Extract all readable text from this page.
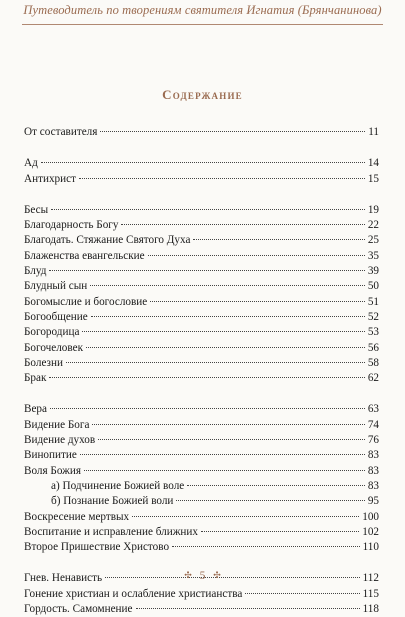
Путеводитель по творениям святителя Игнатия (Брянчанинова)
Содержание
От составителя	11
Ад	14
Антихрист	15
Бесы	19
Благодарность Богу	22
Благодать. Стяжание Святого Духа	25
Блаженства евангельские	35
Блуд	39
Блудный сын	50
Богомыслие и богословие	51
Богообщение	52
Богородица	53
Богочеловек	56
Болезни	58
Брак	62
Вера	63
Видение Бога	74
Видение духов	76
Винопитие	83
Воля Божия	83
а) Подчинение Божией воле	83
б) Познание Божией воли	95
Воскресение мертвых	100
Воспитание и исправление ближних	102
Второе Пришествие Христово	110
Гнев. Ненависть	112
Гонение христиан и ослабление христианства	115
Гордость. Самомнение	118
✣ 5 ✣
